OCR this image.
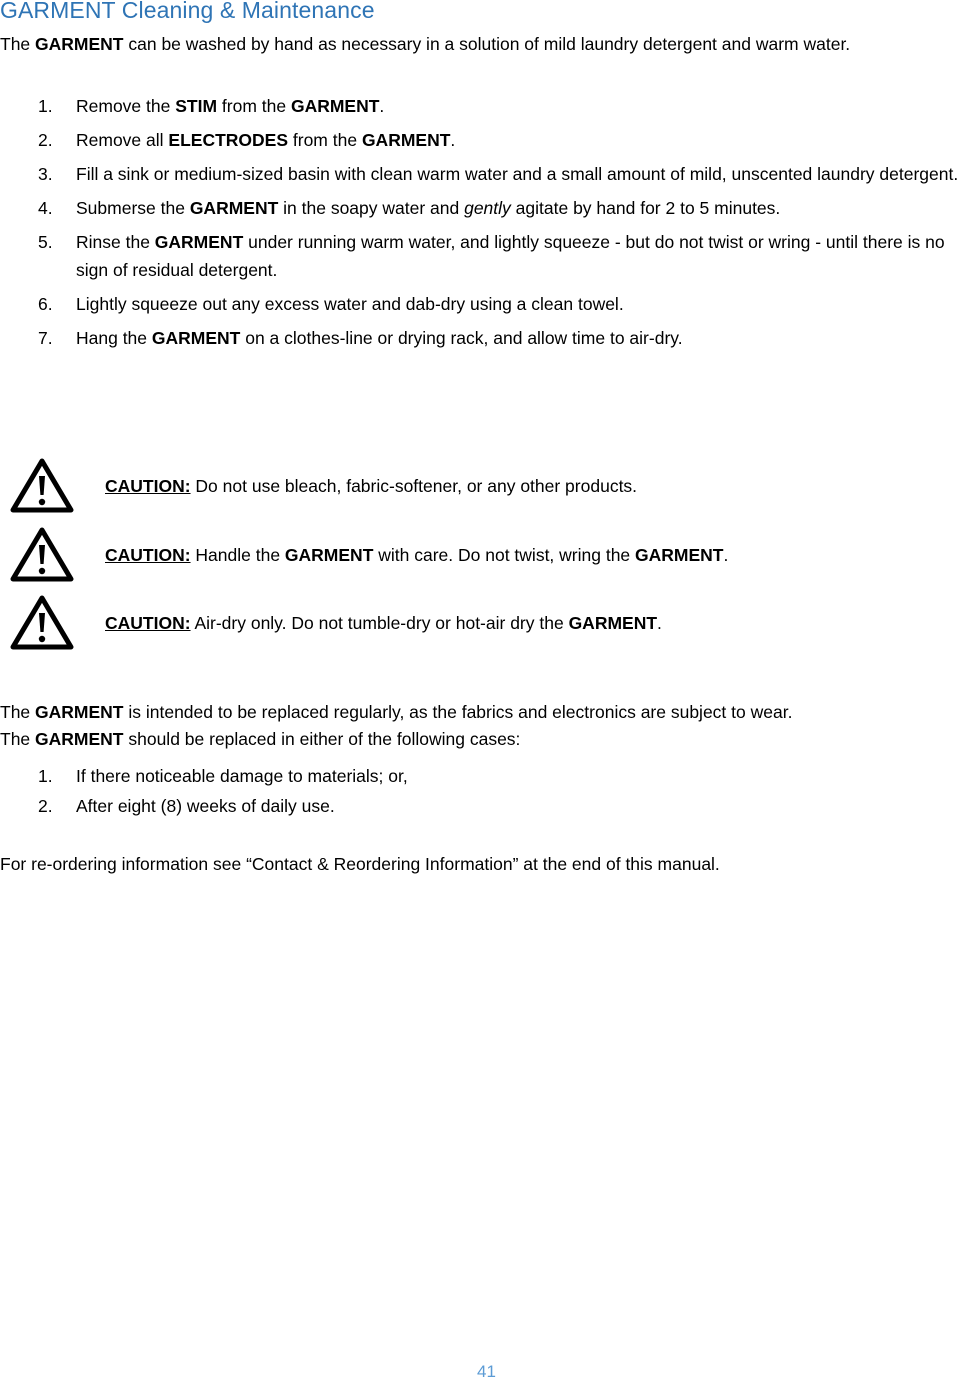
GARMENT Cleaning & Maintenance
The GARMENT can be washed by hand as necessary in a solution of mild laundry detergent and warm water.
1. Remove the STIM from the GARMENT.
2. Remove all ELECTRODES from the GARMENT.
3. Fill a sink or medium-sized basin with clean warm water and a small amount of mild, unscented laundry detergent.
4. Submerse the GARMENT in the soapy water and gently agitate by hand for 2 to 5 minutes.
5. Rinse the GARMENT under running warm water, and lightly squeeze - but do not twist or wring - until there is no sign of residual detergent.
6. Lightly squeeze out any excess water and dab-dry using a clean towel.
7. Hang the GARMENT on a clothes-line or drying rack, and allow time to air-dry.
CAUTION: Do not use bleach, fabric-softener, or any other products.
CAUTION: Handle the GARMENT with care. Do not twist, wring the GARMENT.
CAUTION: Air-dry only. Do not tumble-dry or hot-air dry the GARMENT.
The GARMENT is intended to be replaced regularly, as the fabrics and electronics are subject to wear.
The GARMENT should be replaced in either of the following cases:
1. If there noticeable damage to materials; or,
2. After eight (8) weeks of daily use.
For re-ordering information see “Contact & Reordering Information” at the end of this manual.
41
